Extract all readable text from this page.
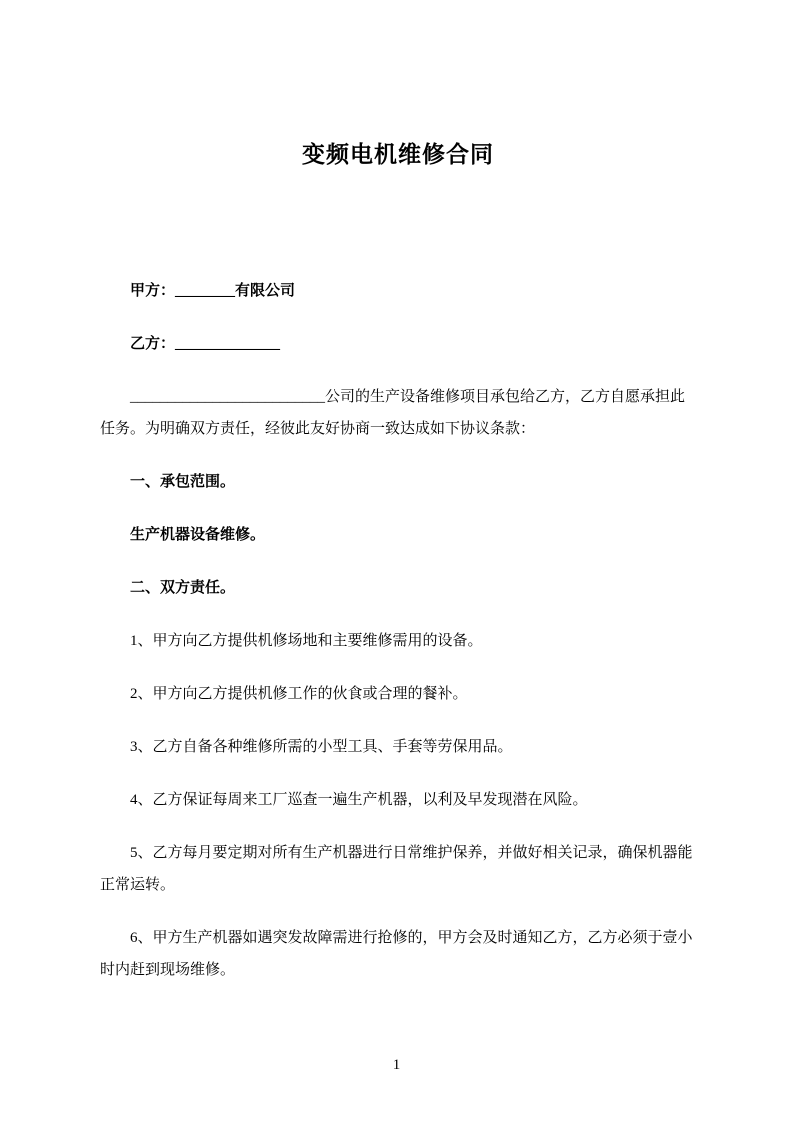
变频电机维修合同

甲方：________有限公司

乙方：______________

__________________________公司的生产设备维修项目承包给乙方，乙方自愿承担此任务。为明确双方责任，经彼此友好协商一致达成如下协议条款：

一、承包范围。

生产机器设备维修。

二、双方责任。

1、甲方向乙方提供机修场地和主要维修需用的设备。

2、甲方向乙方提供机修工作的伙食或合理的餐补。

3、乙方自备各种维修所需的小型工具、手套等劳保用品。

4、乙方保证每周来工厂巡查一遍生产机器，以利及早发现潜在风险。

5、乙方每月要定期对所有生产机器进行日常维护保养，并做好相关记录，确保机器能正常运转。

6、甲方生产机器如遇突发故障需进行抢修的，甲方会及时通知乙方，乙方必须于壹小时内赶到现场维修。

1
